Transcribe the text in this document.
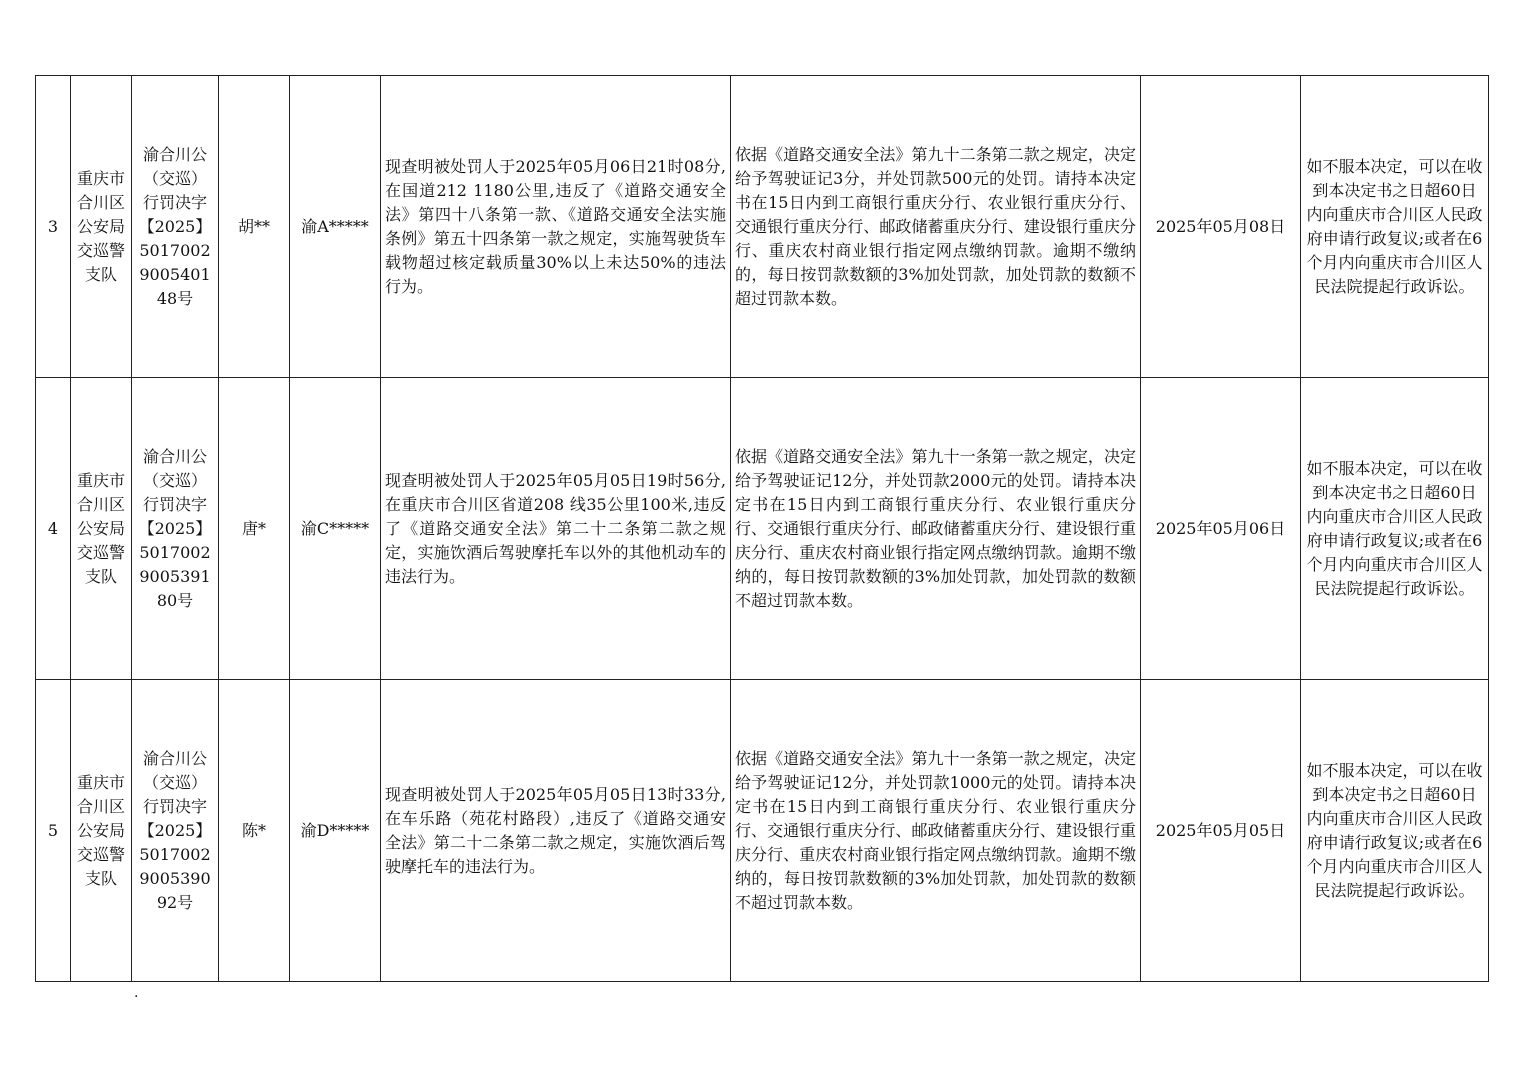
3	重庆市合川区公安局交巡警支队	渝合川公（交巡）行罚决字【2025】5017002900540148号	胡**	渝A*****	现查明被处罚人于2025年05月06日21时08分,在国道212 1180公里,违反了《道路交通安全法》第四十八条第一款、《道路交通安全法实施条例》第五十四条第一款之规定，实施驾驶货车载物超过核定载质量30%以上未达50%的违法行为。	依据《道路交通安全法》第九十二条第二款之规定，决定给予驾驶证记3分，并处罚款500元的处罚。请持本决定书在15日内到工商银行重庆分行、农业银行重庆分行、交通银行重庆分行、邮政储蓄重庆分行、建设银行重庆分行、重庆农村商业银行指定网点缴纳罚款。逾期不缴纳的，每日按罚款数额的3%加处罚款，加处罚款的数额不超过罚款本数。	2025年05月08日	如不服本决定，可以在收到本决定书之日超60日内向重庆市合川区人民政府申请行政复议;或者在6个月内向重庆市合川区人民法院提起行政诉讼。
4	重庆市合川区公安局交巡警支队	渝合川公（交巡）行罚决字【2025】5017002900539180号	唐*	渝C*****	现查明被处罚人于2025年05月05日19时56分,在重庆市合川区省道208 线35公里100米,违反了《道路交通安全法》第二十二条第二款之规定，实施饮酒后驾驶摩托车以外的其他机动车的违法行为。	依据《道路交通安全法》第九十一条第一款之规定，决定给予驾驶证记12分，并处罚款2000元的处罚。请持本决定书在15日内到工商银行重庆分行、农业银行重庆分行、交通银行重庆分行、邮政储蓄重庆分行、建设银行重庆分行、重庆农村商业银行指定网点缴纳罚款。逾期不缴纳的，每日按罚款数额的3%加处罚款，加处罚款的数额不超过罚款本数。	2025年05月06日	如不服本决定，可以在收到本决定书之日超60日内向重庆市合川区人民政府申请行政复议;或者在6个月内向重庆市合川区人民法院提起行政诉讼。
5	重庆市合川区公安局交巡警支队	渝合川公（交巡）行罚决字【2025】5017002900539092号	陈*	渝D*****	现查明被处罚人于2025年05月05日13时33分,在车乐路（苑花村路段）,违反了《道路交通安全法》第二十二条第二款之规定，实施饮酒后驾驶摩托车的违法行为。	依据《道路交通安全法》第九十一条第一款之规定，决定给予驾驶证记12分，并处罚款1000元的处罚。请持本决定书在15日内到工商银行重庆分行、农业银行重庆分行、交通银行重庆分行、邮政储蓄重庆分行、建设银行重庆分行、重庆农村商业银行指定网点缴纳罚款。逾期不缴纳的，每日按罚款数额的3%加处罚款，加处罚款的数额不超过罚款本数。	2025年05月05日	如不服本决定，可以在收到本决定书之日超60日内向重庆市合川区人民政府申请行政复议;或者在6个月内向重庆市合川区人民法院提起行政诉讼。
.
